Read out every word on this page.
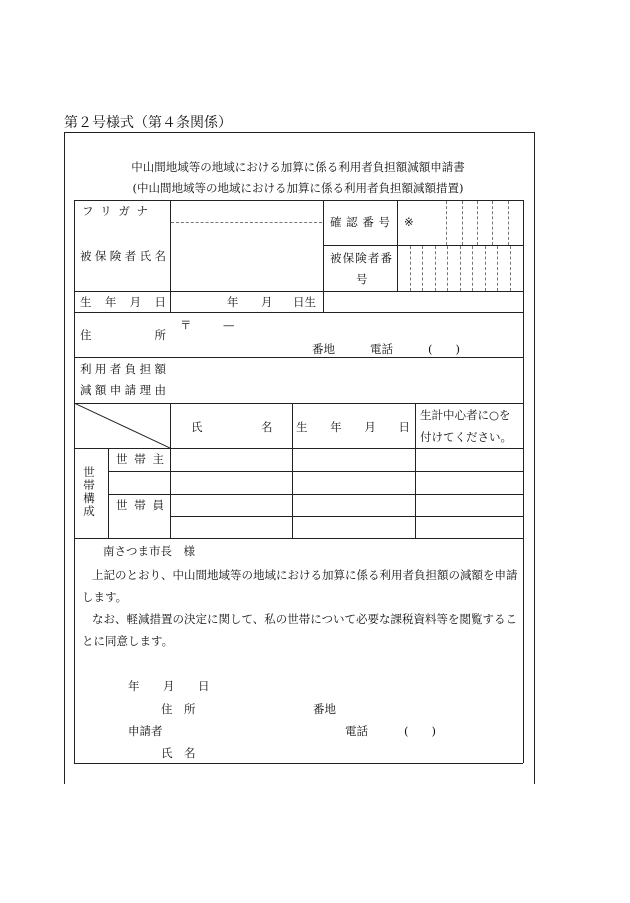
第２号様式（第４条関係）
中山間地域等の地域における加算に係る利用者負担額減額申請書
(中山間地域等の地域における加算に係る利用者負担額減額措置)
フ リ ガ ナ
被 保 険 者 氏 名
確 認 番 号 ※
被 保 険 者 番
号
生 年 月 日	年 月 日生
住	所
〒	—
番地	電話	(　　)
利 用 者 負 担 額
減 額 申 請 理 由
氏	名 生 年 月 日
生計中心者に○を
付けてください。
世
帯
構
成
世 帯 主
世 帯 員
南さつま市長　様
上記のとおり、中山間地域等の地域における加算に係る利用者負担額の減額を申請
します。
なお、軽減措置の決定に関して、私の世帯について必要な課税資料等を閲覧するこ
とに同意します。
年 月 日
住　所	番地
申請者	電話	(　　)
氏　名
